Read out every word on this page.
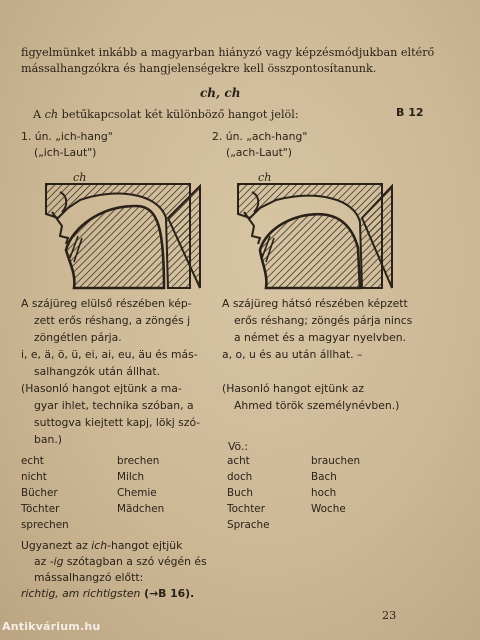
figyelmünket inkább a magyarban hiányzó vagy képzésmódjukban eltérő
mássalhangzókra és hangjelenségekre kell összpontosítanunk.
ch, ch
B 12
A ch betűkapcsolat két különböző hangot jelöl:
1. ún. „ich-hang"
(„ich-Laut")
2. ún. „ach-hang"
(„ach-Laut")
ch	ch
A szájüreg elülső részében kép-
zett erős réshang, a zöngés j
zöngétlen párja.
i, e, ä, ö, ü, ei, ai, eu, äu és más-
salhangzók után állhat.
(Hasonló hangot ejtünk a ma-
gyar ihlet, technika szóban, a
suttogva kiejtett kapj, lökj szó-
ban.)
A szájüreg hátsó részében képzett
erős réshang; zöngés párja nincs
a német és a magyar nyelvben.
a, o, u és au után állhat. –
(Hasonló hangot ejtünk az
Ahmed török személynévben.)
Vö.:
echt
nicht
Bücher
Töchter
sprechen
brechen
Milch
Chemie
Mädchen
acht
doch
Buch
Tochter
Sprache
brauchen
Bach
hoch
Woche
Ugyanezt az ich-hangot ejtjük
az -ig szótagban a szó végén és
mássalhangzó előtt:
richtig, am richtigsten (→B 16).
23
Antikvárium.hu
